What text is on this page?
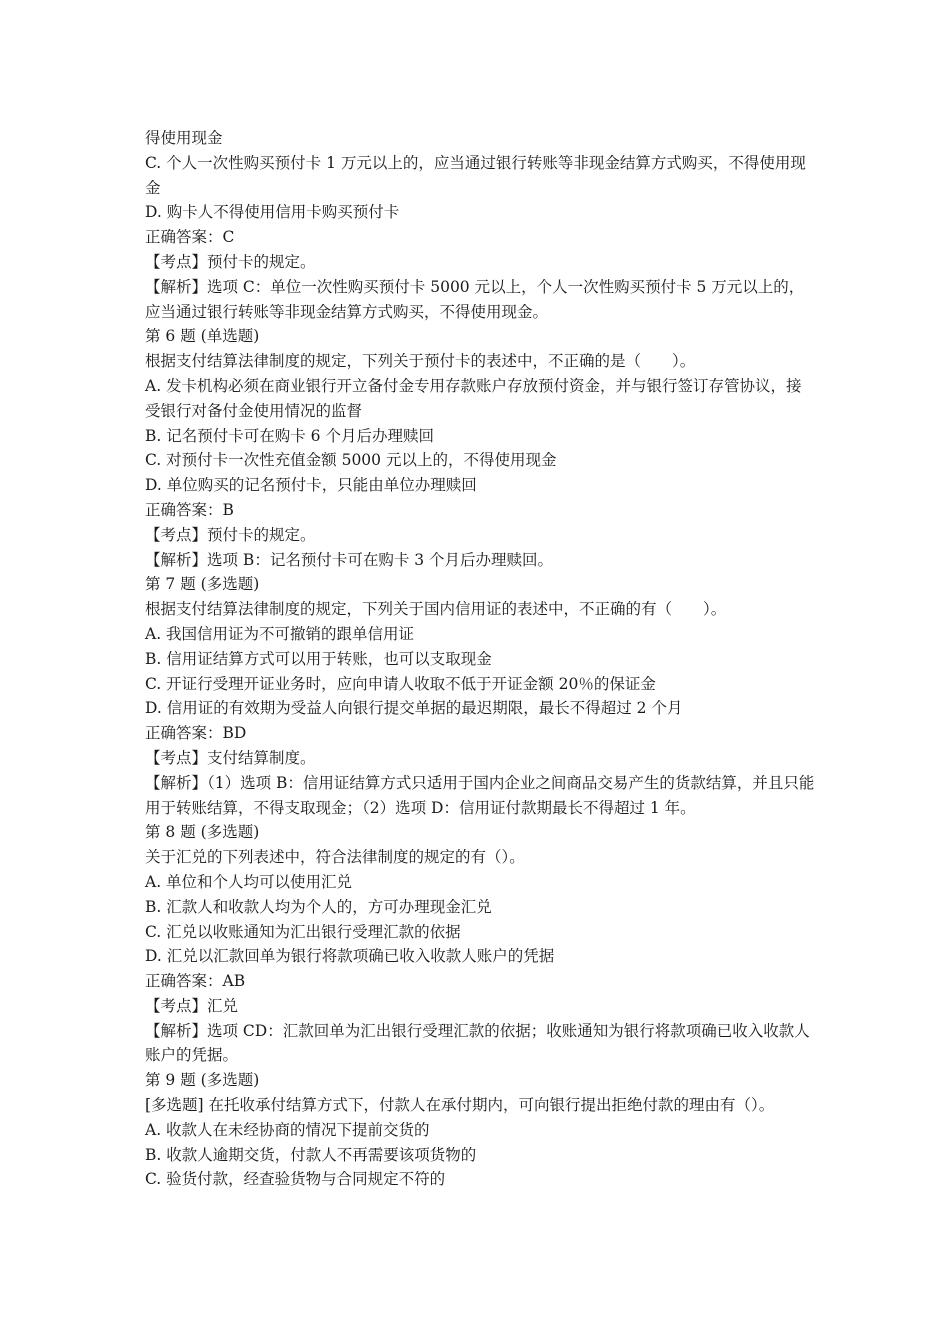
得使用现金

C. 个人一次性购买预付卡 1 万元以上的，应当通过银行转账等非现金结算方式购买，不得使用现金

D. 购卡人不得使用信用卡购买预付卡

正确答案：C

【考点】预付卡的规定。

【解析】选项 C：单位一次性购买预付卡 5000 元以上，个人一次性购买预付卡 5 万元以上的，应当通过银行转账等非现金结算方式购买，不得使用现金。

第 6 题 (单选题)

根据支付结算法律制度的规定，下列关于预付卡的表述中，不正确的是（　　）。

A. 发卡机构必须在商业银行开立备付金专用存款账户存放预付资金，并与银行签订存管协议，接受银行对备付金使用情况的监督

B. 记名预付卡可在购卡 6 个月后办理赎回

C. 对预付卡一次性充值金额 5000 元以上的，不得使用现金

D. 单位购买的记名预付卡，只能由单位办理赎回

正确答案：B

【考点】预付卡的规定。

【解析】选项 B：记名预付卡可在购卡 3 个月后办理赎回。

第 7 题 (多选题)

根据支付结算法律制度的规定，下列关于国内信用证的表述中，不正确的有（　　）。

A. 我国信用证为不可撤销的跟单信用证

B. 信用证结算方式可以用于转账，也可以支取现金

C. 开证行受理开证业务时，应向申请人收取不低于开证金额 20％的保证金

D. 信用证的有效期为受益人向银行提交单据的最迟期限，最长不得超过 2 个月

正确答案：BD

【考点】支付结算制度。

【解析】（1）选项 B：信用证结算方式只适用于国内企业之间商品交易产生的货款结算，并且只能用于转账结算，不得支取现金；（2）选项 D：信用证付款期最长不得超过 1 年。

第 8 题 (多选题)

关于汇兑的下列表述中，符合法律制度的规定的有（）。

A. 单位和个人均可以使用汇兑

B. 汇款人和收款人均为个人的，方可办理现金汇兑

C. 汇兑以收账通知为汇出银行受理汇款的依据

D. 汇兑以汇款回单为银行将款项确已收入收款人账户的凭据

正确答案：AB

【考点】汇兑

【解析】选项 CD：汇款回单为汇出银行受理汇款的依据；收账通知为银行将款项确已收入收款人账户的凭据。

第 9 题 (多选题)

[多选题] 在托收承付结算方式下，付款人在承付期内，可向银行提出拒绝付款的理由有（）。

A. 收款人在未经协商的情况下提前交货的

B. 收款人逾期交货，付款人不再需要该项货物的

C. 验货付款，经查验货物与合同规定不符的
